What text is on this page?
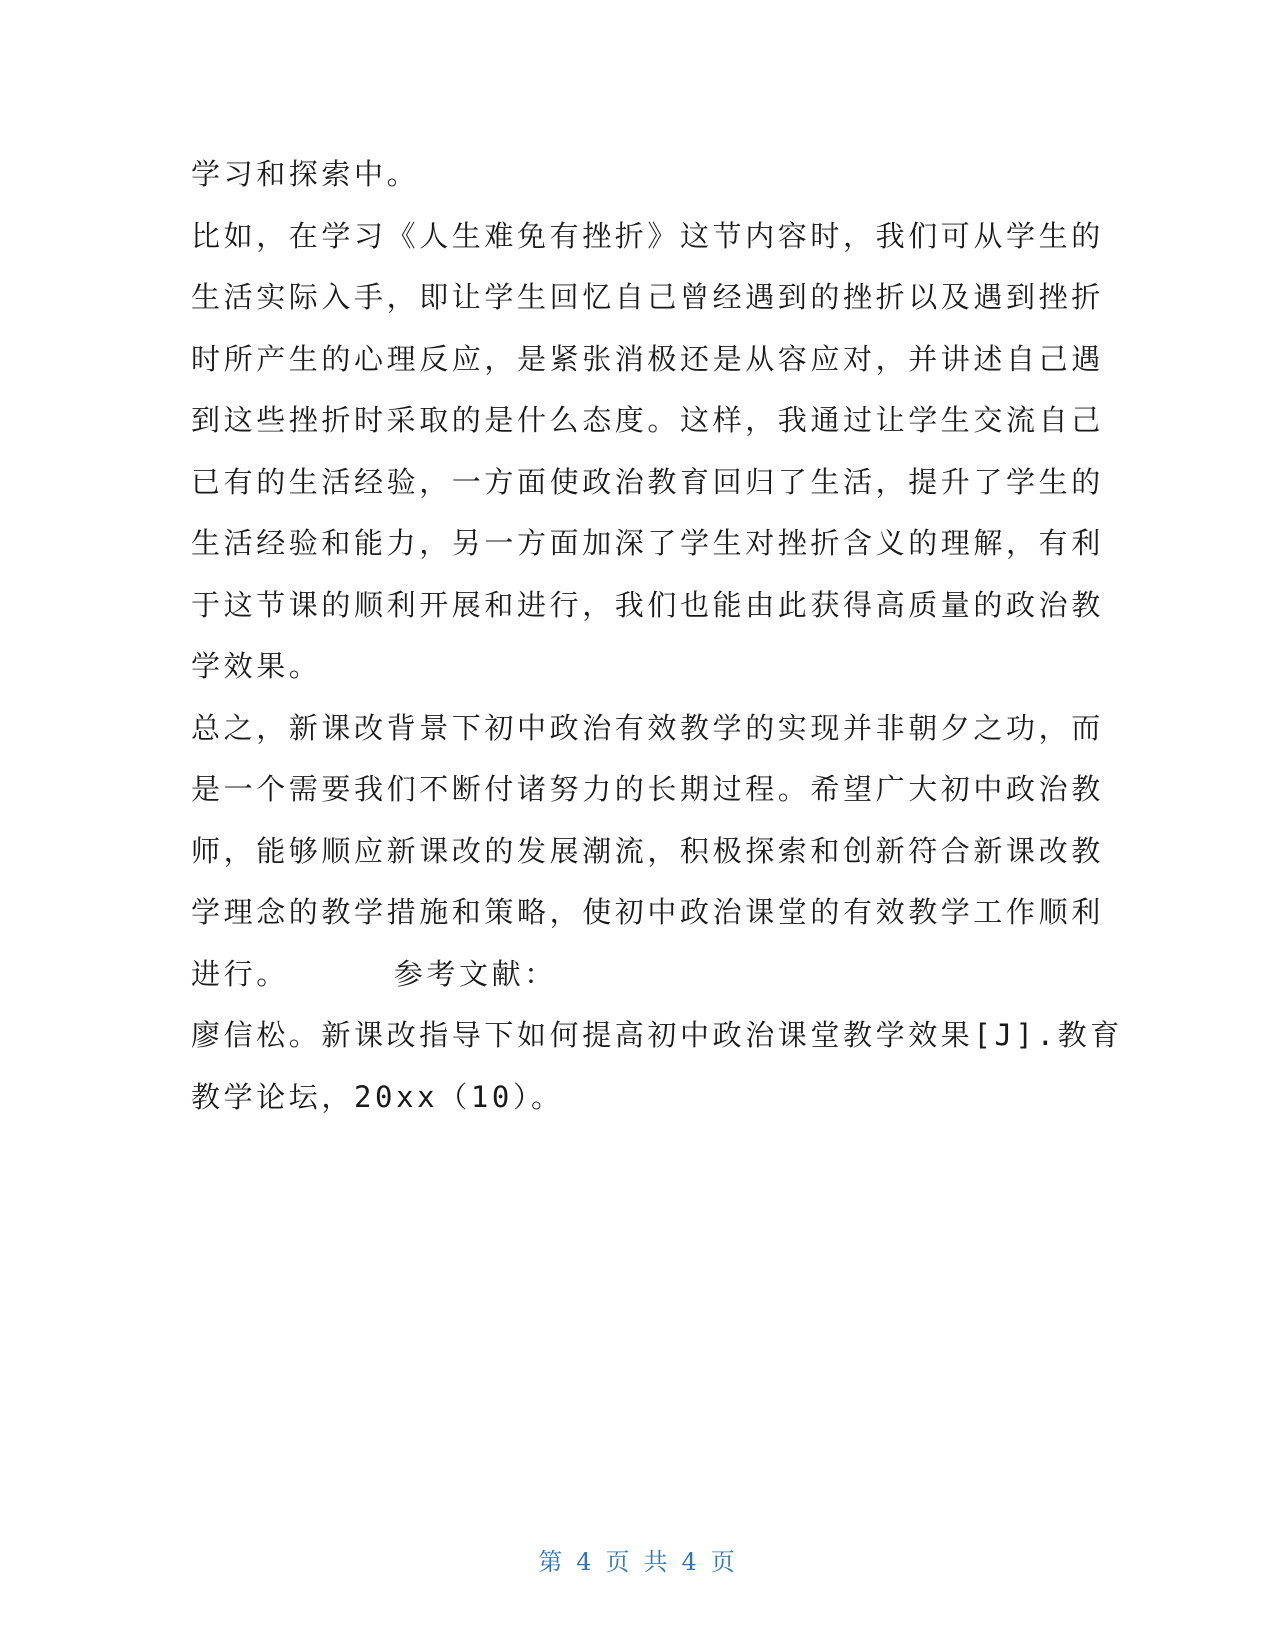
学习和探索中。
比如，在学习《人生难免有挫折》这节内容时，我们可从学生的
生活实际入手，即让学生回忆自己曾经遇到的挫折以及遇到挫折
时所产生的心理反应，是紧张消极还是从容应对，并讲述自己遇
到这些挫折时采取的是什么态度。这样，我通过让学生交流自己
已有的生活经验，一方面使政治教育回归了生活，提升了学生的
生活经验和能力，另一方面加深了学生对挫折含义的理解，有利
于这节课的顺利开展和进行，我们也能由此获得高质量的政治教
学效果。
总之，新课改背景下初中政治有效教学的实现并非朝夕之功，而
是一个需要我们不断付诸努力的长期过程。希望广大初中政治教
师，能够顺应新课改的发展潮流，积极探索和创新符合新课改教
学理念的教学措施和策略，使初中政治课堂的有效教学工作顺利
进行。	参考文献：
廖信松。新课改指导下如何提高初中政治课堂教学效果[J].教育
教学论坛，20xx（10）。
第 4 页 共 4 页
